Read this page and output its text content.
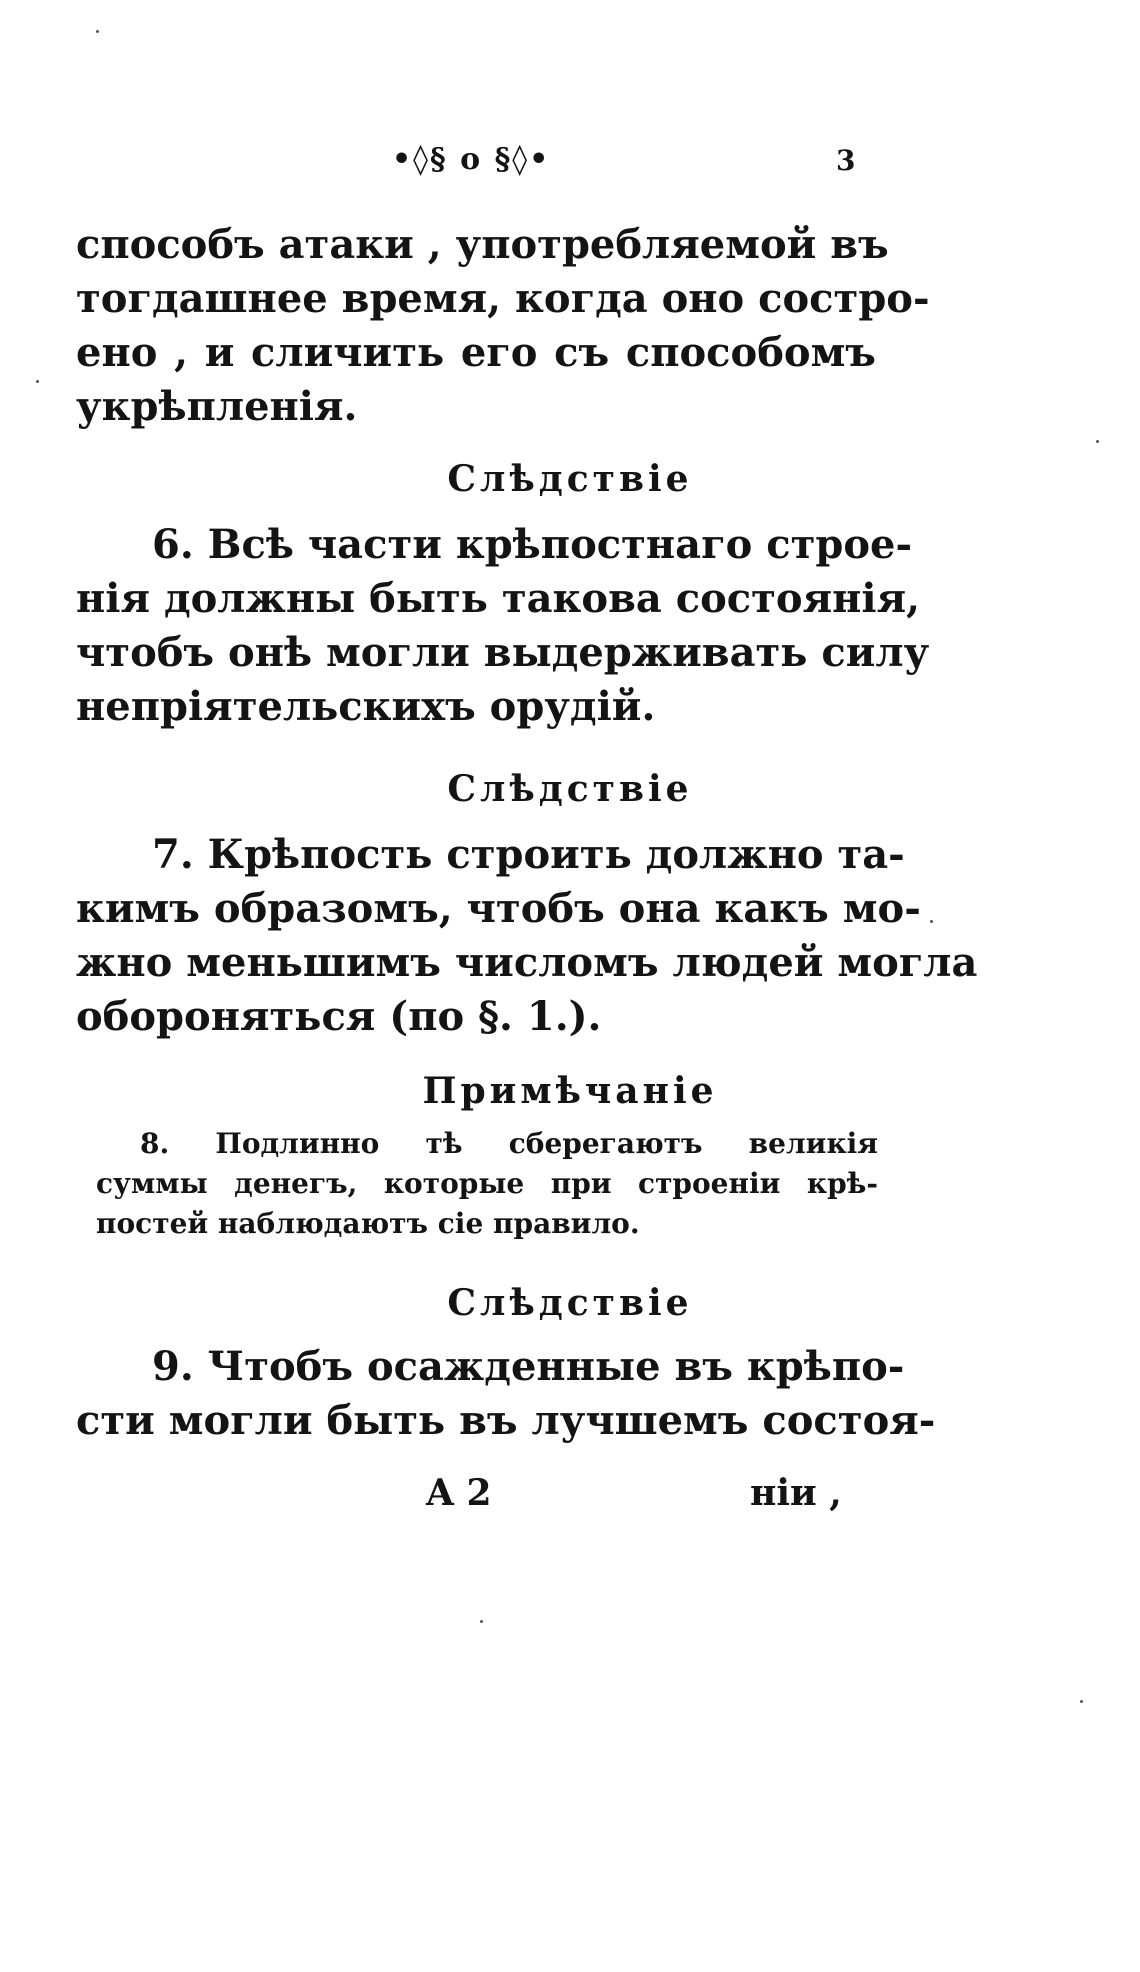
•◊§ o §◊•	3
способъ атаки , употребляемой въ
тогдашнее время, когда оно состро-
ено , и сличить его съ способомъ
укрѣпленія.
Слѣдствіе
6. Всѣ части крѣпостнаго строе-
нія должны быть такова состоянія,
чтобъ онѣ могли выдерживать силу
непріятельскихъ орудій.
Слѣдствіе
7. Крѣпость строить должно та-
кимъ образомъ, чтобъ она какъ мо-
жно меньшимъ числомъ людей могла
обороняться (по §. 1.).
Примѣчаніе
8. Подлинно тѣ сберегаютъ великія
суммы денегъ, которые при строеніи крѣ-
постей наблюдаютъ сіе правило.
Слѣдствіе
9. Чтобъ осажденные въ крѣпо-
сти могли быть въ лучшемъ состоя-
A 2	ніи ,
